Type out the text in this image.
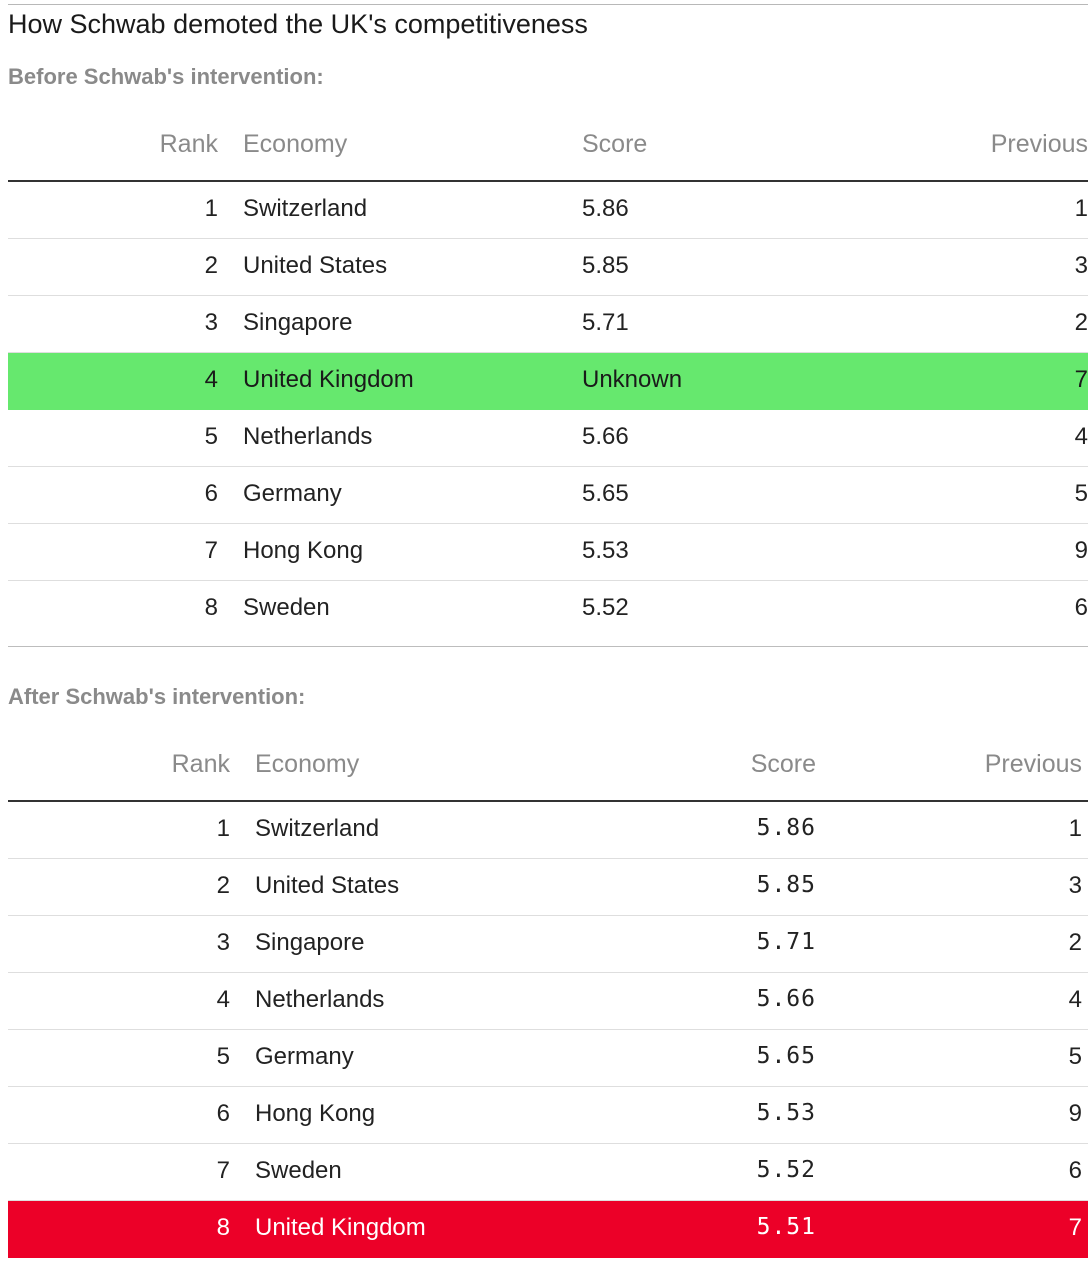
How Schwab demoted the UK's competitiveness
Before Schwab's intervention:
Rank Economy	Score	Previous
1 Switzerland	5.86	1
2 United States	5.85	3
3 Singapore	5.71	2
4 United Kingdom	Unknown	7
5 Netherlands	5.66	4
6 Germany	5.65	5
7 Hong Kong	5.53	9
8 Sweden	5.52	6
After Schwab's intervention:
Rank Economy	Score	Previous
1 Switzerland	5.86	1
2 United States	5.85	3
3 Singapore	5.71	2
4 Netherlands	5.66	4
5 Germany	5.65	5
6 Hong Kong	5.53	9
7 Sweden	5.52	6
8 United Kingdom	5.51	7
